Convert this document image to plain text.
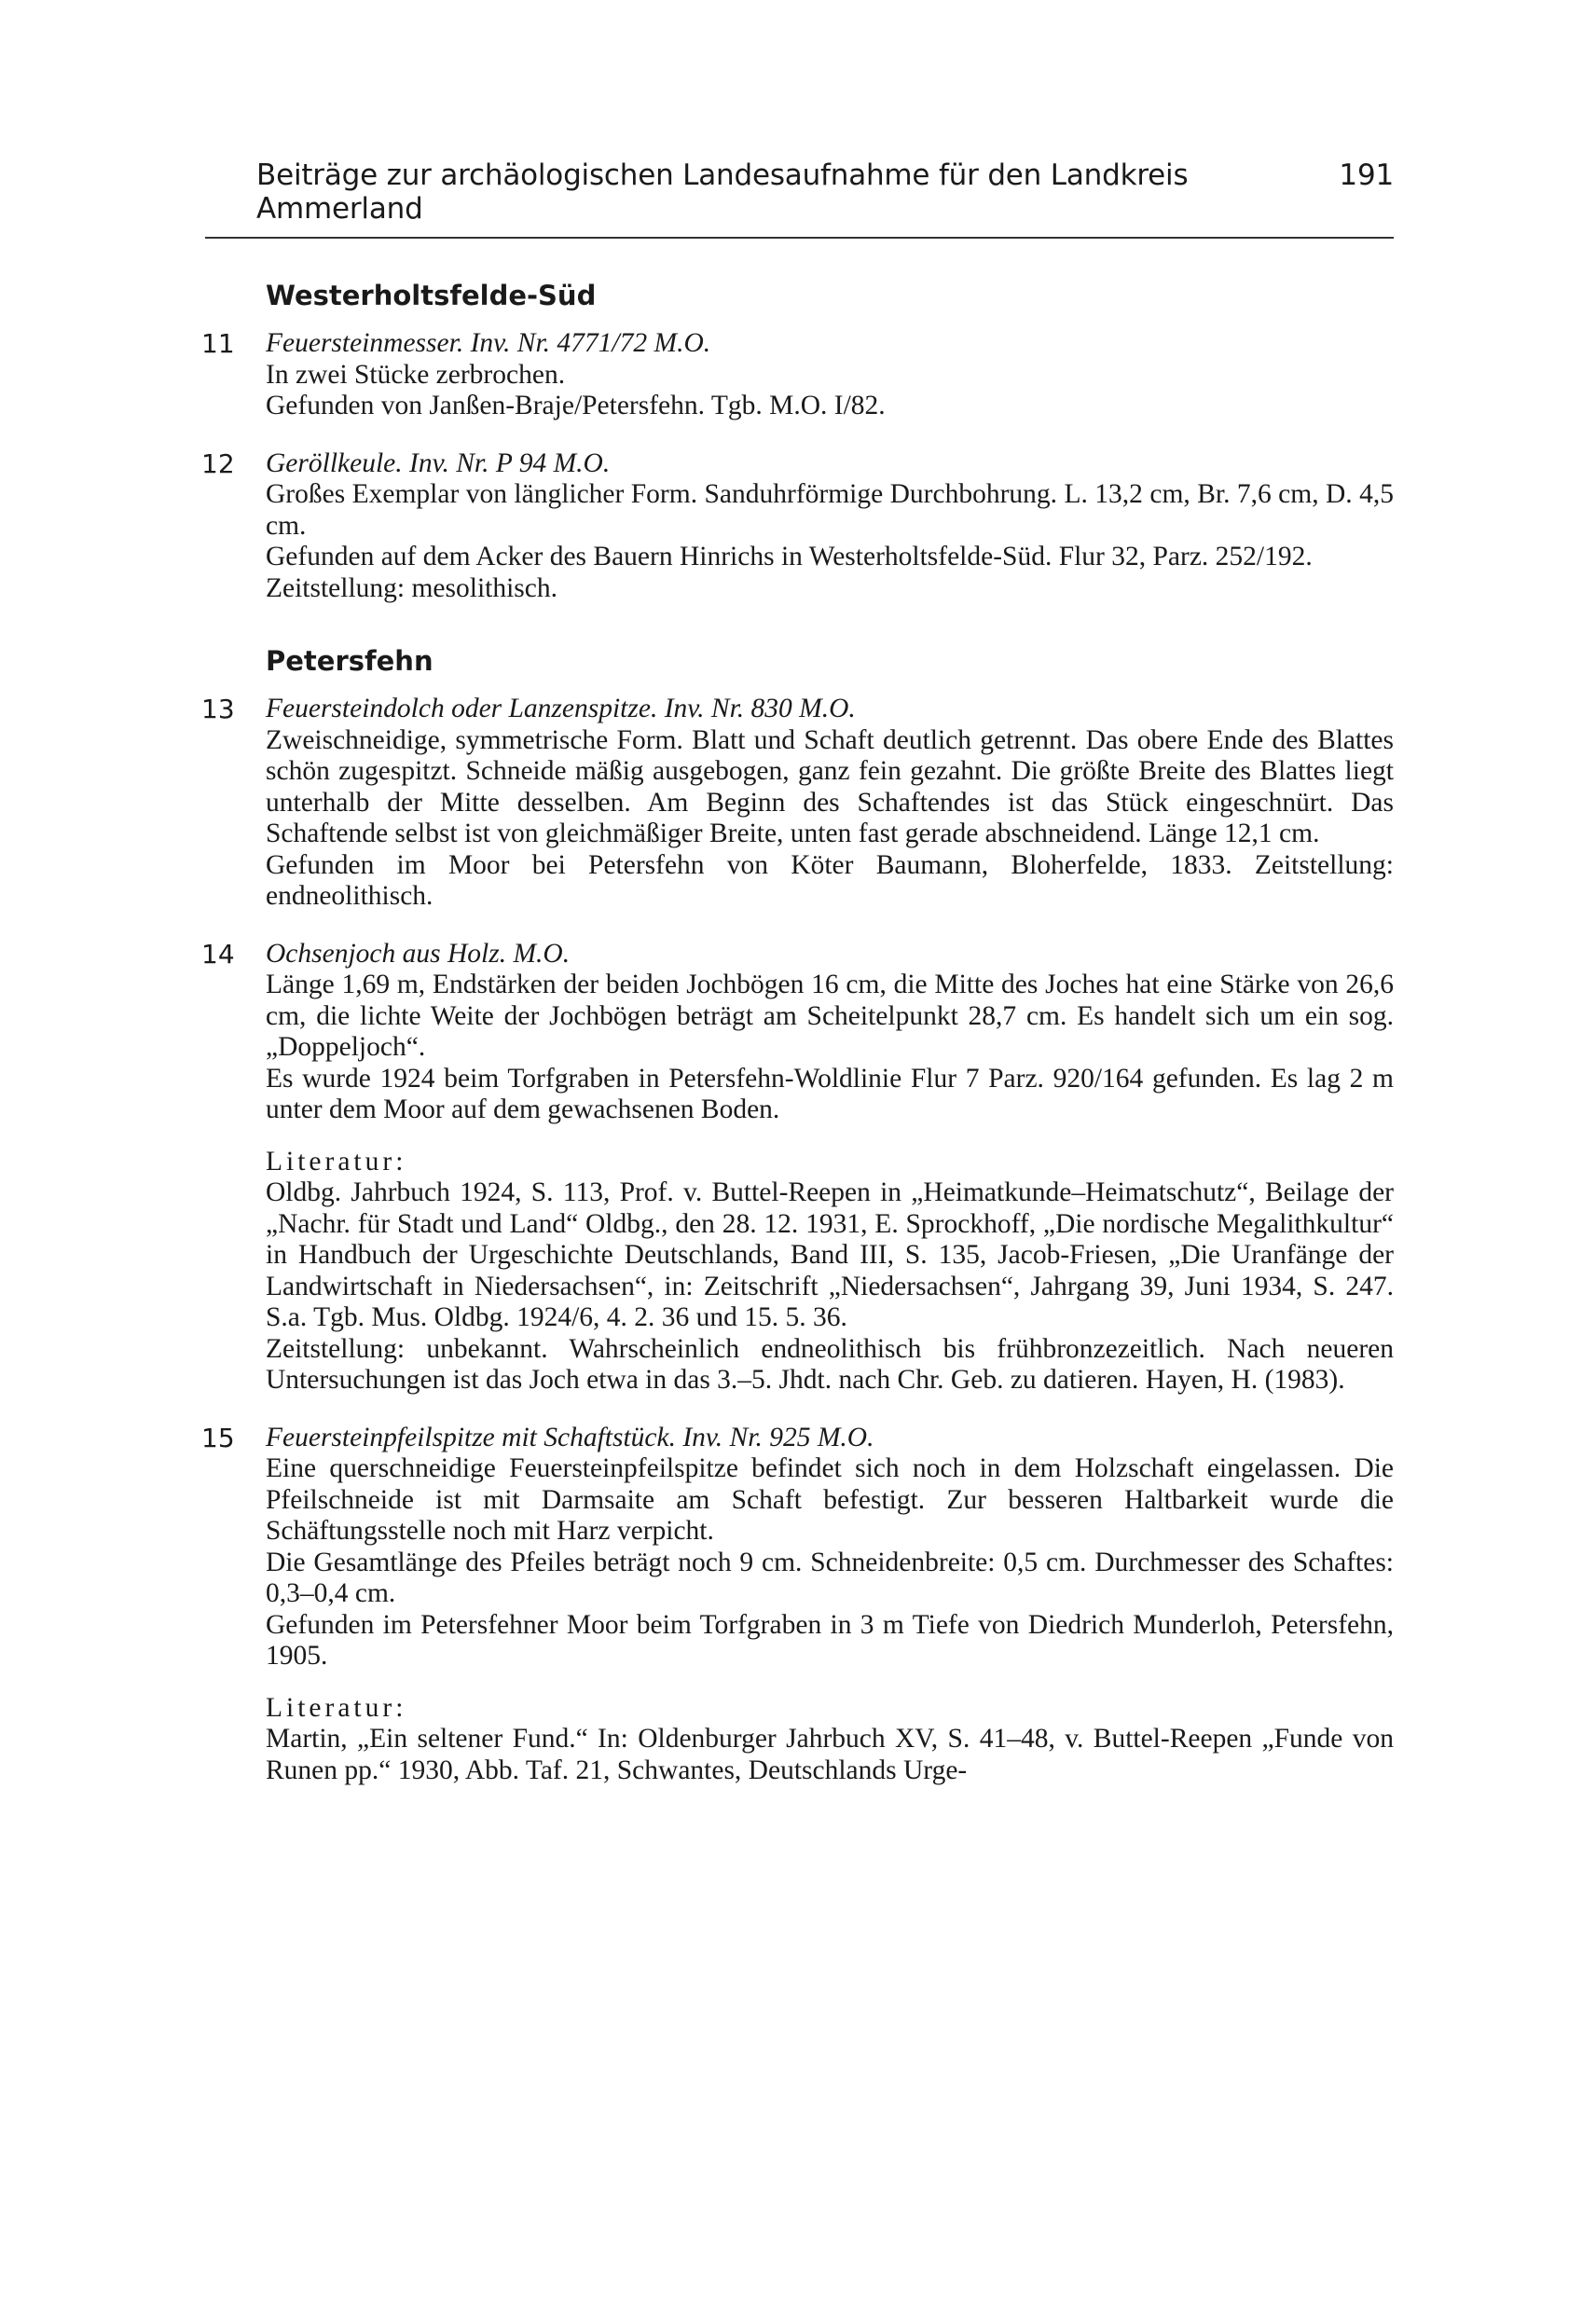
Beiträge zur archäologischen Landesaufnahme für den Landkreis Ammerland
191
Westerholtsfelde-Süd
11 Feuersteinmesser. Inv. Nr. 4771/72 M.O.

In zwei Stücke zerbrochen.

Gefunden von Janßen-Braje/Petersfehn. Tgb. M.O. I/82.

12 Geröllkeule. Inv. Nr. P 94 M.O.

Großes Exemplar von länglicher Form. Sanduhrförmige Durchbohrung. L. 13,2 cm, Br. 7,6 cm, D. 4,5 cm.

Gefunden auf dem Acker des Bauern Hinrichs in Westerholtsfelde-Süd. Flur 32, Parz. 252/192.

Zeitstellung: mesolithisch.

Petersfehn
13 Feuersteindolch oder Lanzenspitze. Inv. Nr. 830 M.O.

Zweischneidige, symmetrische Form. Blatt und Schaft deutlich getrennt. Das obere Ende des Blattes schön zugespitzt. Schneide mäßig ausgebogen, ganz fein gezahnt. Die größte Breite des Blattes liegt unterhalb der Mitte desselben. Am Beginn des Schaftendes ist das Stück eingeschnürt. Das Schaftende selbst ist von gleichmäßiger Breite, unten fast gerade abschneidend. Länge 12,1 cm.

Gefunden im Moor bei Petersfehn von Köter Baumann, Bloherfelde, 1833. Zeitstellung: endneolithisch.

14 Ochsenjoch aus Holz. M.O.

Länge 1,69 m, Endstärken der beiden Jochbögen 16 cm, die Mitte des Joches hat eine Stärke von 26,6 cm, die lichte Weite der Jochbögen beträgt am Scheitelpunkt 28,7 cm. Es handelt sich um ein sog. „Doppeljoch“.

Es wurde 1924 beim Torfgraben in Petersfehn-Woldlinie Flur 7 Parz. 920/164 gefunden. Es lag 2 m unter dem Moor auf dem gewachsenen Boden.

Literatur:

Oldbg. Jahrbuch 1924, S. 113, Prof. v. Buttel-Reepen in „Heimatkunde–Heimatschutz“, Beilage der „Nachr. für Stadt und Land“ Oldbg., den 28. 12. 1931, E. Sprockhoff, „Die nordische Megalithkultur“ in Handbuch der Urgeschichte Deutschlands, Band III, S. 135, Jacob-Friesen, „Die Uranfänge der Landwirtschaft in Niedersachsen“, in: Zeitschrift „Niedersachsen“, Jahrgang 39, Juni 1934, S. 247. S.a. Tgb. Mus. Oldbg. 1924/6, 4. 2. 36 und 15. 5. 36.

Zeitstellung: unbekannt. Wahrscheinlich endneolithisch bis frühbronzezeitlich. Nach neueren Untersuchungen ist das Joch etwa in das 3.–5. Jhdt. nach Chr. Geb. zu datieren. Hayen, H. (1983).

15 Feuersteinpfeilspitze mit Schaftstück. Inv. Nr. 925 M.O.

Eine querschneidige Feuersteinpfeilspitze befindet sich noch in dem Holzschaft eingelassen. Die Pfeilschneide ist mit Darmsaite am Schaft befestigt. Zur besseren Haltbarkeit wurde die Schäftungsstelle noch mit Harz verpicht.

Die Gesamtlänge des Pfeiles beträgt noch 9 cm. Schneidenbreite: 0,5 cm. Durchmesser des Schaftes: 0,3–0,4 cm.

Gefunden im Petersfehner Moor beim Torfgraben in 3 m Tiefe von Diedrich Munderloh, Petersfehn, 1905.

Literatur:

Martin, „Ein seltener Fund.“ In: Oldenburger Jahrbuch XV, S. 41–48, v. Buttel-Reepen „Funde von Runen pp.“ 1930, Abb. Taf. 21, Schwantes, Deutschlands Urge-
